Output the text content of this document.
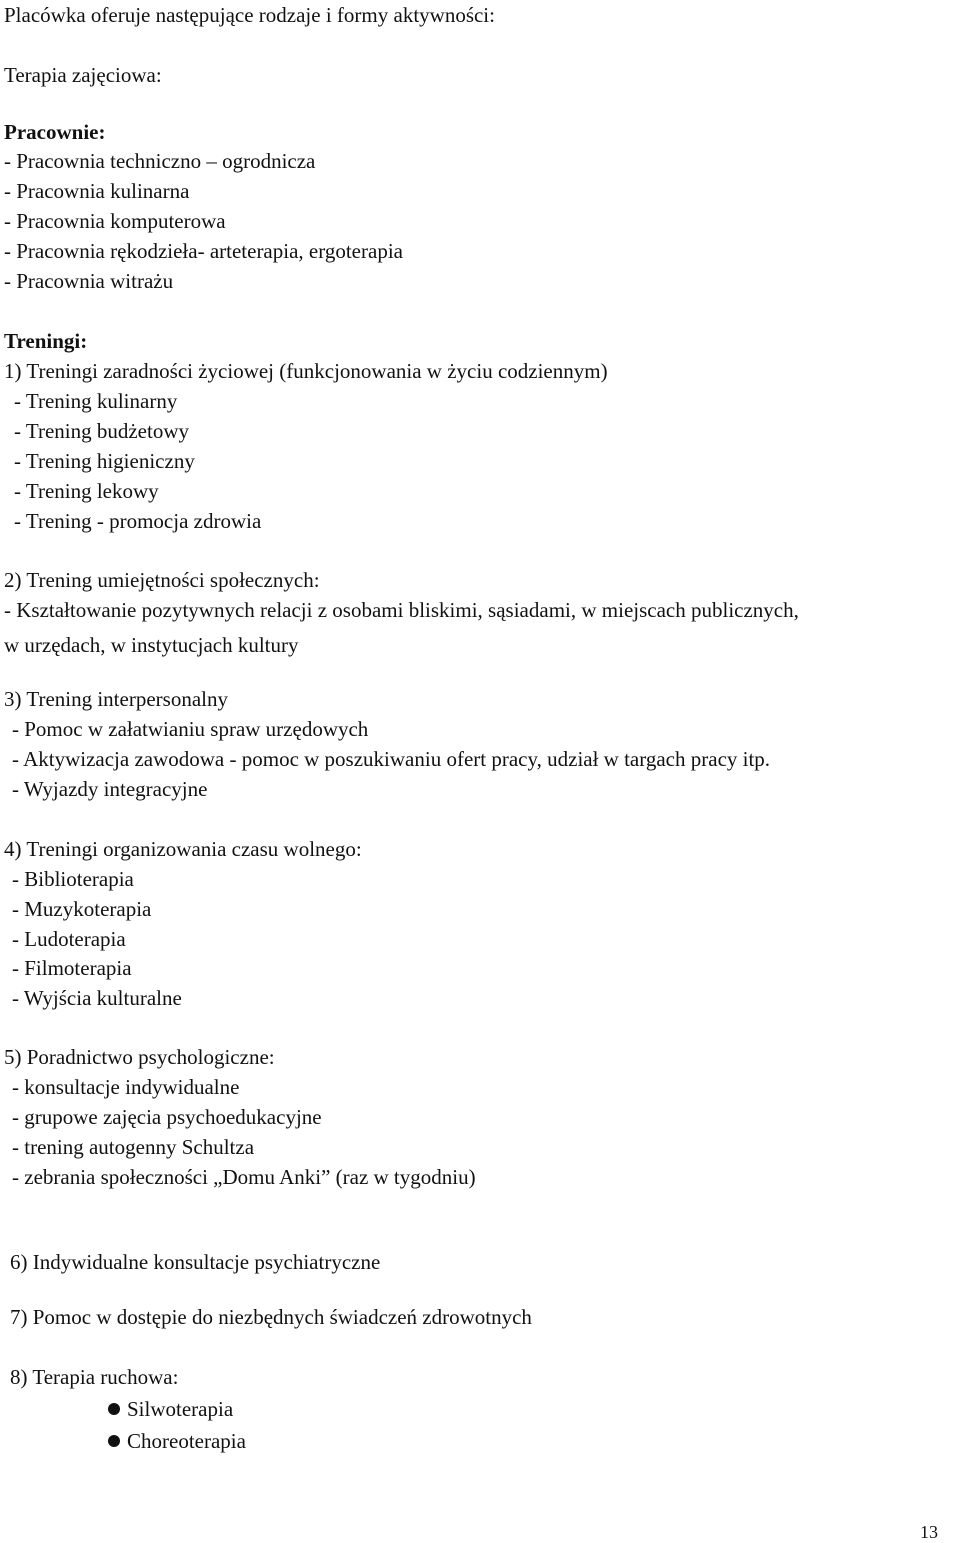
Placówka oferuje następujące rodzaje i formy aktywności:

Terapia zajęciowa:

Pracownie:

- Pracownia techniczno – ogrodnicza

- Pracownia kulinarna

- Pracownia komputerowa

- Pracownia rękodzieła- arteterapia, ergoterapia

- Pracownia witrażu

Treningi:

1) Treningi zaradności życiowej (funkcjonowania w życiu codziennym)

- Trening kulinarny

- Trening budżetowy

- Trening higieniczny

- Trening lekowy

- Trening - promocja zdrowia

2) Trening umiejętności społecznych:

- Kształtowanie pozytywnych relacji z osobami bliskimi, sąsiadami, w miejscach publicznych,

w urzędach, w instytucjach kultury

3) Trening interpersonalny

- Pomoc w załatwianiu spraw urzędowych

- Aktywizacja zawodowa - pomoc w poszukiwaniu ofert pracy, udział w targach pracy itp.

- Wyjazdy integracyjne

4) Treningi organizowania czasu wolnego:

- Biblioterapia

- Muzykoterapia

- Ludoterapia

- Filmoterapia

- Wyjścia kulturalne

5) Poradnictwo psychologiczne:

- konsultacje indywidualne

- grupowe zajęcia psychoedukacyjne

- trening autogenny Schultza

- zebrania społeczności „Domu Anki” (raz w tygodniu)

6) Indywidualne konsultacje psychiatryczne

7) Pomoc w dostępie do niezbędnych świadczeń zdrowotnych

8) Terapia ruchowa:

Silwoterapia

Choreoterapia

13
